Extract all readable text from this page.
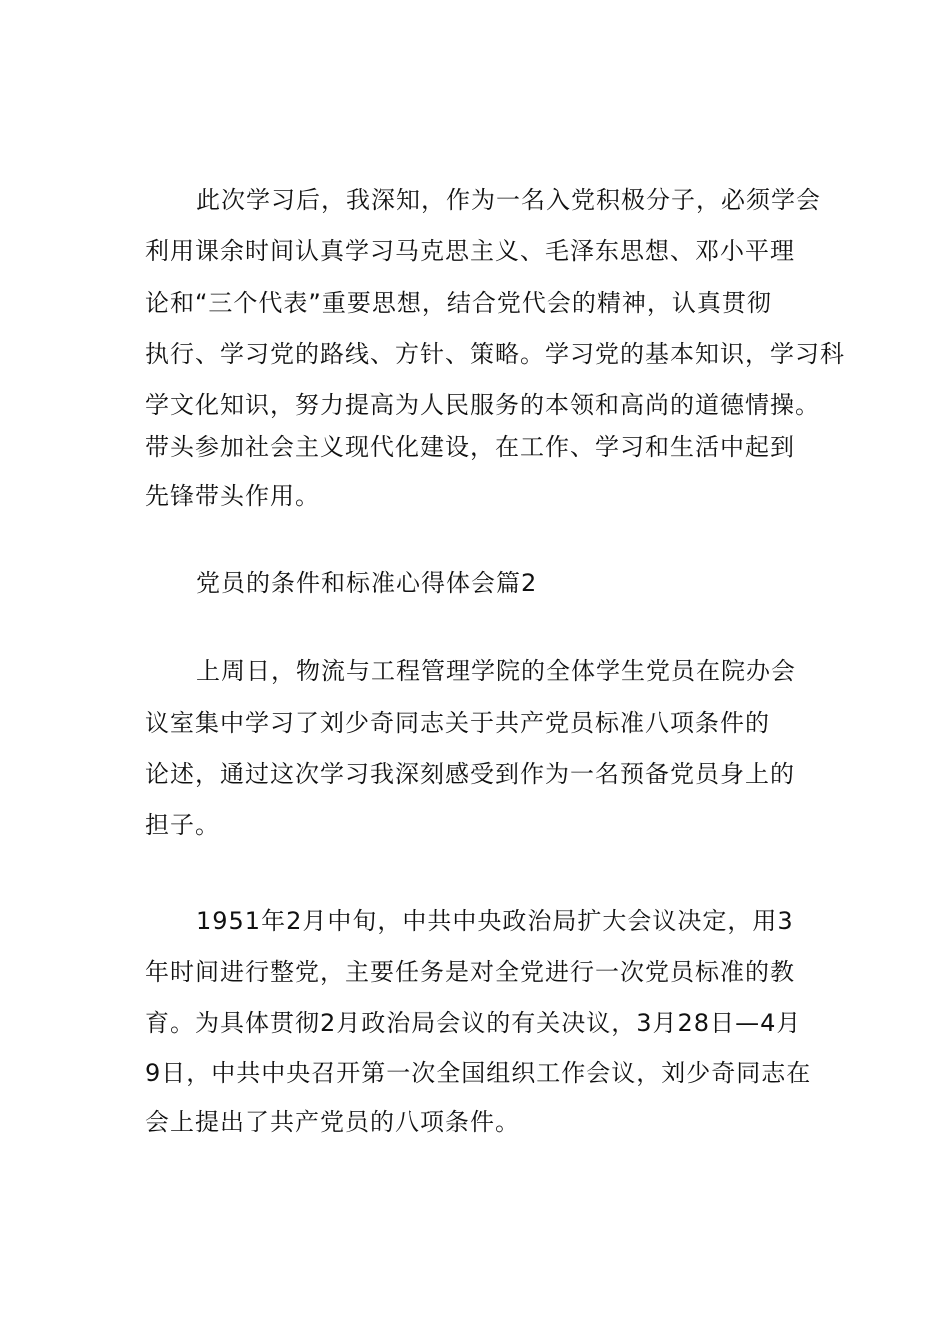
此次学习后，我深知，作为一名入党积极分子，必须学会
利用课余时间认真学习马克思主义、毛泽东思想、邓小平理
论和“三个代表”重要思想，结合党代会的精神，认真贯彻
执行、学习党的路线、方针、策略。学习党的基本知识，学习科
学文化知识，努力提高为人民服务的本领和高尚的道德情操。
带头参加社会主义现代化建设，在工作、学习和生活中起到
先锋带头作用。
党员的条件和标准心得体会篇2
上周日，物流与工程管理学院的全体学生党员在院办会
议室集中学习了刘少奇同志关于共产党员标准八项条件的
论述，通过这次学习我深刻感受到作为一名预备党员身上的
担子。
1951年2月中旬，中共中央政治局扩大会议决定，用3
年时间进行整党，主要任务是对全党进行一次党员标准的教
育。为具体贯彻2月政治局会议的有关决议，3月28日—4月
9日，中共中央召开第一次全国组织工作会议，刘少奇同志在
会上提出了共产党员的八项条件。
